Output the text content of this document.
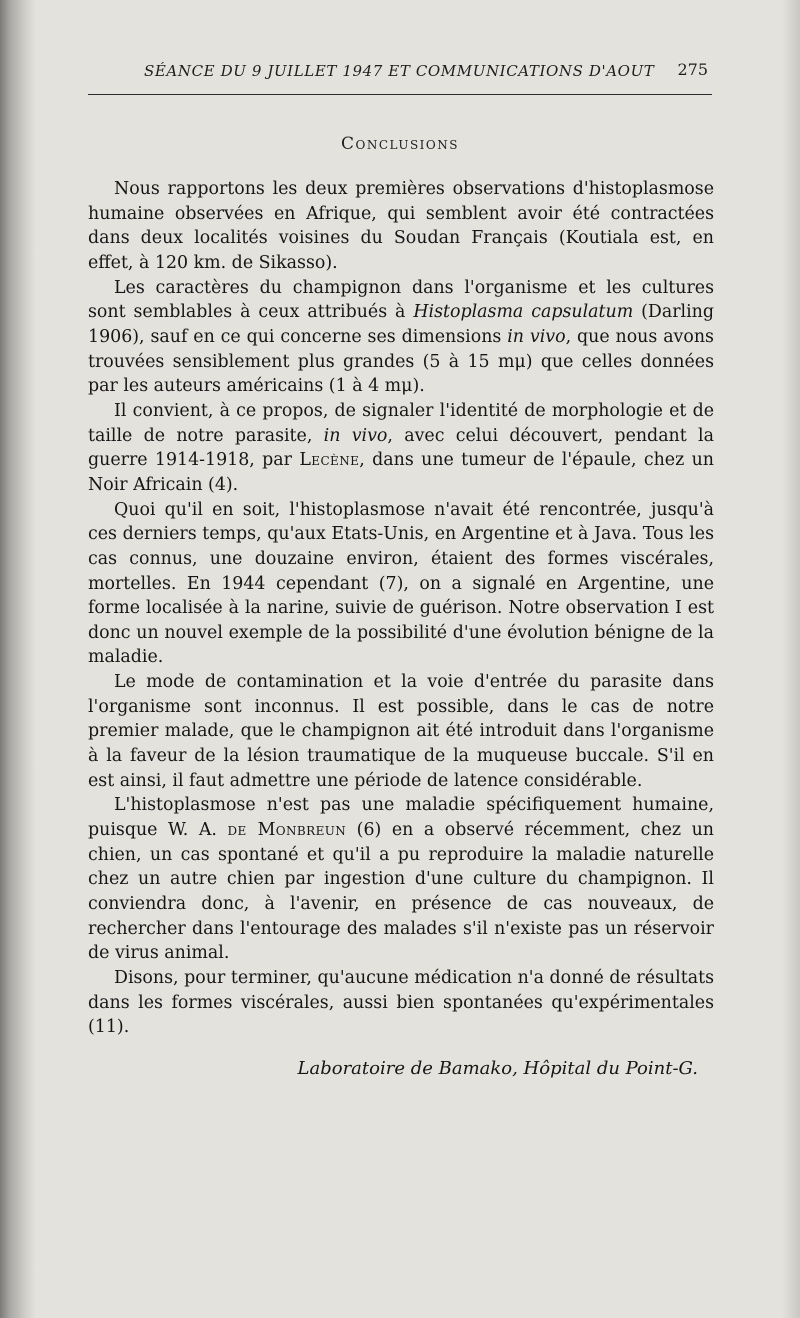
SÉANCE DU 9 JUILLET 1947 ET COMMUNICATIONS D'AOUT 275
Conclusions

Nous rapportons les deux premières observations d'histoplasmose humaine observées en Afrique, qui semblent avoir été contractées dans deux localités voisines du Soudan Français (Koutiala est, en effet, à 120 km. de Sikasso).

Les caractères du champignon dans l'organisme et les cultures sont semblables à ceux attribués à Histoplasma capsulatum (Darling 1906), sauf en ce qui concerne ses dimensions in vivo, que nous avons trouvées sensiblement plus grandes (5 à 15 mμ) que celles données par les auteurs américains (1 à 4 mμ).

Il convient, à ce propos, de signaler l'identité de morphologie et de taille de notre parasite, in vivo, avec celui découvert, pendant la guerre 1914-1918, par Lecène, dans une tumeur de l'épaule, chez un Noir Africain (4).

Quoi qu'il en soit, l'histoplasmose n'avait été rencontrée, jusqu'à ces derniers temps, qu'aux Etats-Unis, en Argentine et à Java. Tous les cas connus, une douzaine environ, étaient des formes viscérales, mortelles. En 1944 cependant (7), on a signalé en Argentine, une forme localisée à la narine, suivie de guérison. Notre observation I est donc un nouvel exemple de la possibilité d'une évolution bénigne de la maladie.

Le mode de contamination et la voie d'entrée du parasite dans l'organisme sont inconnus. Il est possible, dans le cas de notre premier malade, que le champignon ait été introduit dans l'organisme à la faveur de la lésion traumatique de la muqueuse buccale. S'il en est ainsi, il faut admettre une période de latence considérable.

L'histoplasmose n'est pas une maladie spécifiquement humaine, puisque W. A. de Monbreun (6) en a observé récemment, chez un chien, un cas spontané et qu'il a pu reproduire la maladie naturelle chez un autre chien par ingestion d'une culture du champignon. Il conviendra donc, à l'avenir, en présence de cas nouveaux, de rechercher dans l'entourage des malades s'il n'existe pas un réservoir de virus animal.

Disons, pour terminer, qu'aucune médication n'a donné de résultats dans les formes viscérales, aussi bien spontanées qu'expérimentales (11).

Laboratoire de Bamako, Hôpital du Point-G.
